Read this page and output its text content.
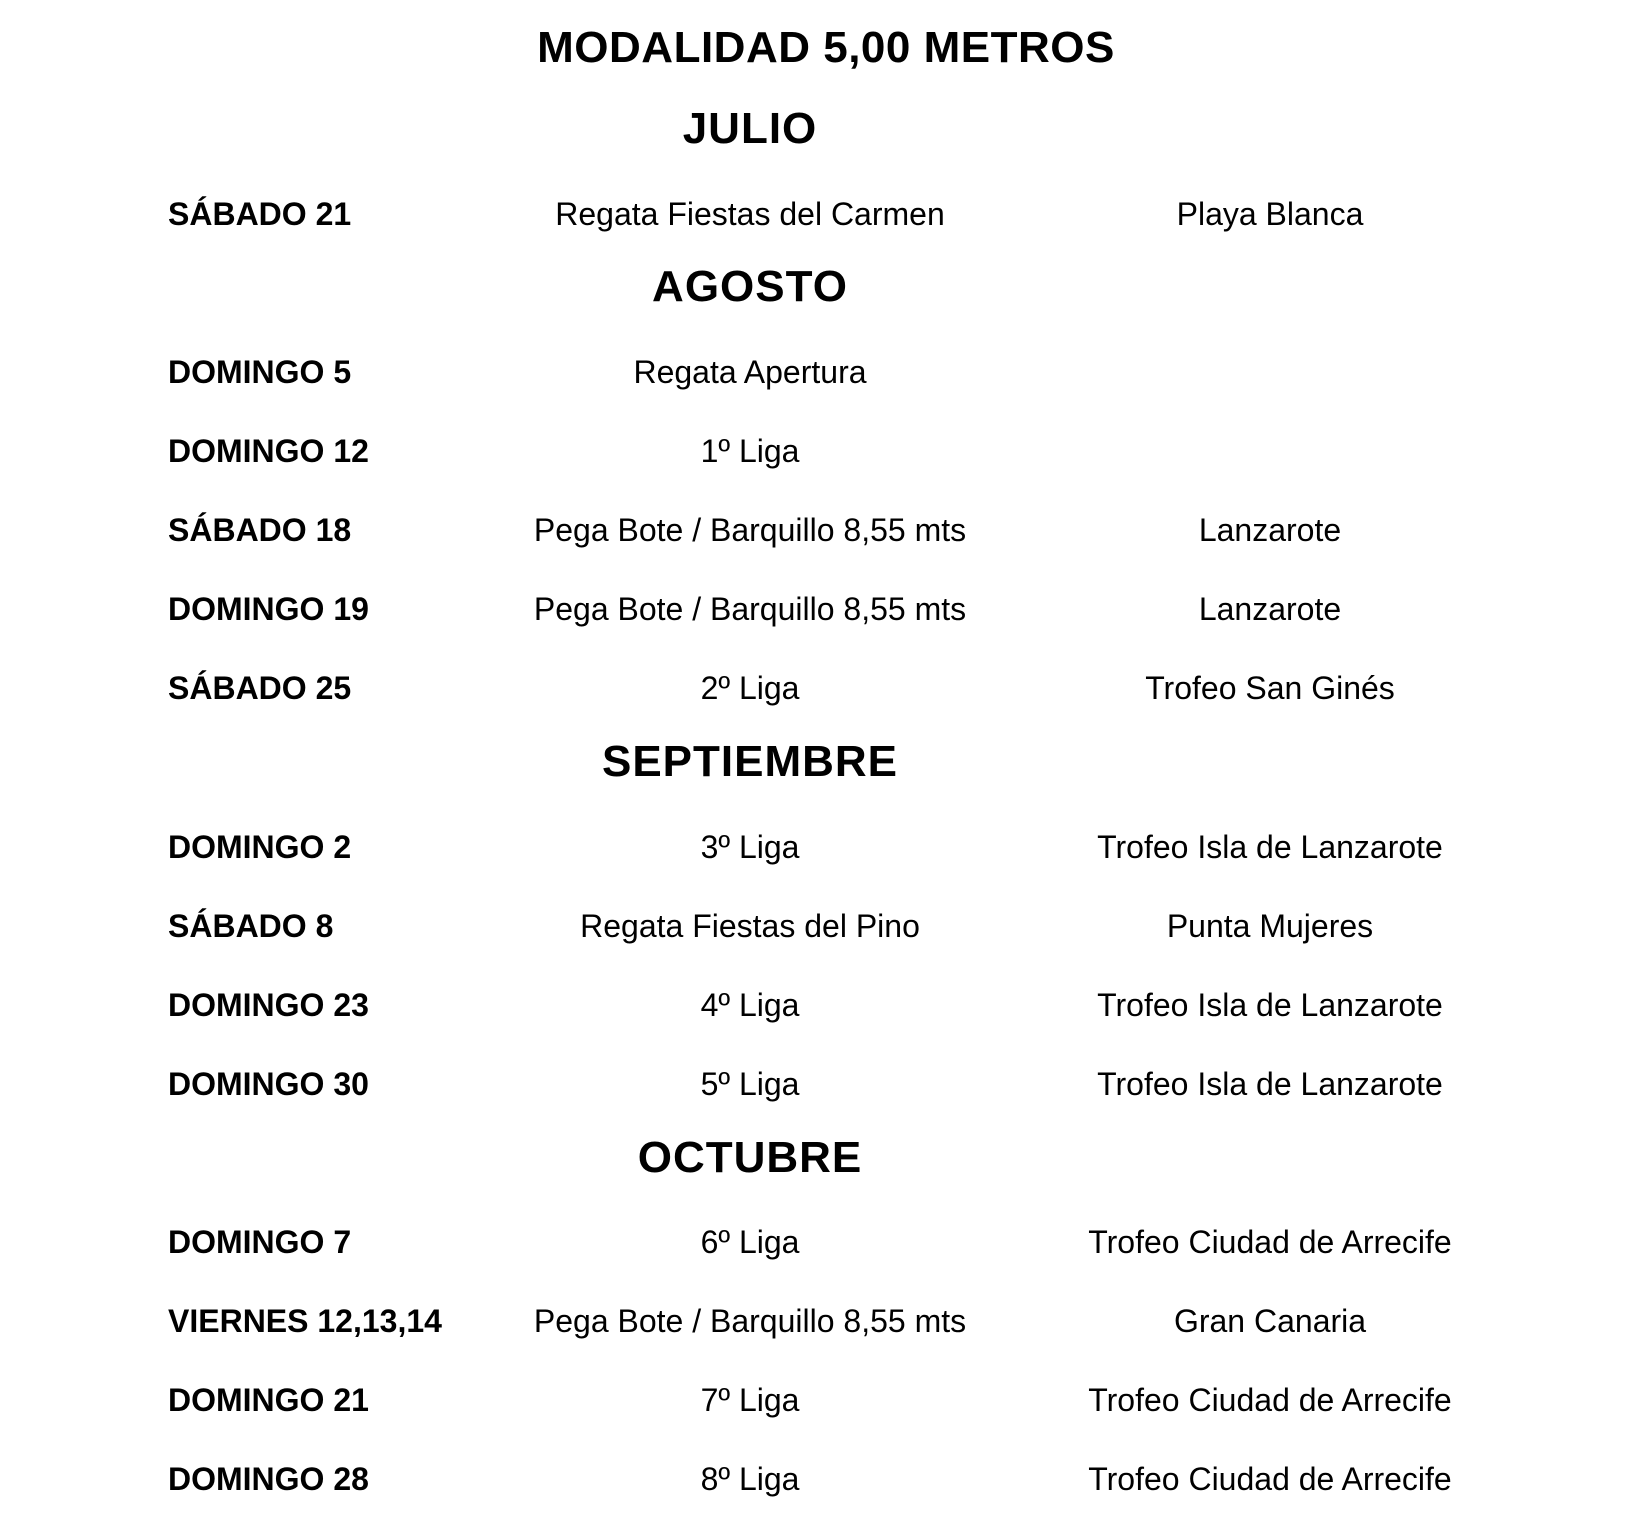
MODALIDAD 5,00 METROS
JULIO
SÁBADO 21	Regata Fiestas del Carmen	Playa Blanca
AGOSTO
DOMINGO 5	Regata Apertura
DOMINGO 12	1º Liga
SÁBADO 18	Pega Bote / Barquillo 8,55 mts	Lanzarote
DOMINGO 19	Pega Bote / Barquillo 8,55 mts	Lanzarote
SÁBADO 25	2º Liga	Trofeo San Ginés
SEPTIEMBRE
DOMINGO 2	3º Liga	Trofeo Isla de Lanzarote
SÁBADO 8	Regata Fiestas del Pino	Punta Mujeres
DOMINGO 23	4º Liga	Trofeo Isla de Lanzarote
DOMINGO 30	5º Liga	Trofeo Isla de Lanzarote
OCTUBRE
DOMINGO 7	6º Liga	Trofeo Ciudad de Arrecife
VIERNES 12,13,14	Pega Bote / Barquillo 8,55 mts	Gran Canaria
DOMINGO 21	7º Liga	Trofeo Ciudad de Arrecife
DOMINGO 28	8º Liga	Trofeo Ciudad de Arrecife
